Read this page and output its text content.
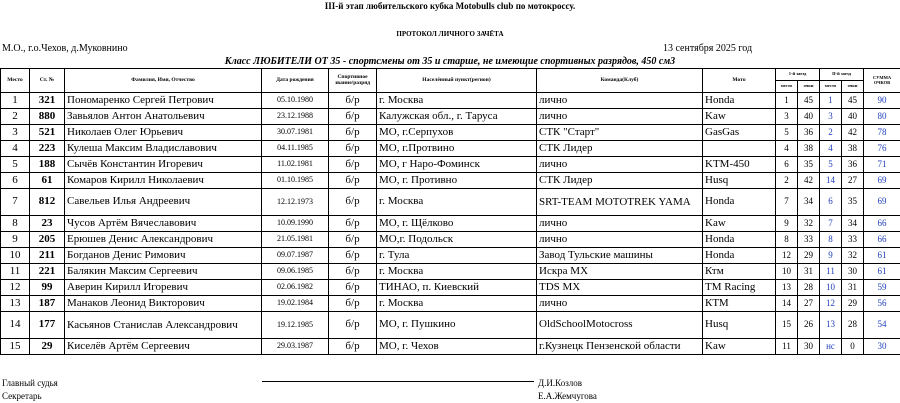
III-й этап любительского кубка Motobulls club по мотокроссу.
ПРОТОКОЛ ЛИЧНОГО ЗАЧЁТА
М.О., г.о.Чехов, д.Муковнино	13 сентября 2025 год
Класс ЛЮБИТЕЛИ ОТ 35 - спортсмены от 35 и старше, не имеющие спортивных разрядов, 450 см3
Место	Ст. №	Фамилия, Имя, Отчество	Дата рождения	Спортивное звание/разряд	Населённый пункт(регион)	Команда(Клуб)	Мото	1-й заезд		II-й заезд		СУММА ОЧКОВ
								место	очки	место	очки	
1	321	Пономаренко Сергей Петрович	05.10.1980	б/р	г. Москва	лично	Honda	1	45	1	45	90
2	880	Завьялов Антон Анатольевич	23.12.1988	б/р	Калужская обл., г. Таруса	лично	Kaw	3	40	3	40	80
3	521	Николаев Олег Юрьевич	30.07.1981	б/р	МО, г.Серпухов	СТК "Старт"	GasGas	5	36	2	42	78
4	223	Кулеша Максим Владиславович	04.11.1985	б/р	МО, г.Протвино	СТК Лидер		4	38	4	38	76
5	188	Сычёв Константин Игоревич	11.02.1981	б/р	МО, г Наро-Фоминск	лично	KTM-450	6	35	5	36	71
6	61	Комаров Кирилл Николаевич	01.10.1985	б/р	МО, г. Противно	СТК Лидер	Husq	2	42	14	27	69
7	812	Савельев Илья Андреевич	12.12.1973	б/р	г. Москва	SRT-TEAM MOTOTREK YAMA	Honda	7	34	6	35	69
8	23	Чусов Артём Вячеславович	10.09.1990	б/р	МО, г. Щёлково	лично	Kaw	9	32	7	34	66
9	205	Ерюшев Денис Александрович	21.05.1981	б/р	МО,г. Подольск	лично	Honda	8	33	8	33	66
10	211	Богданов Денис Римович	09.07.1987	б/р	г. Тула	Завод Тульские машины	Honda	12	29	9	32	61
11	221	Балякин Максим Сергеевич	09.06.1985	б/р	г. Москва	Искра МХ	Ктм	10	31	11	30	61
12	99	Аверин Кирилл Игоревич	02.06.1982	б/р	ТИНАО, п. Киевский	TDS MX	TM Racing	13	28	10	31	59
13	187	Манаков Леонид Викторович	19.02.1984	б/р	г. Москва	лично	КТМ	14	27	12	29	56
14	177	Касьянов Станислав Александрович	19.12.1985	б/р	МО, г. Пушкино	OldSchoolMotocross	Husq	15	26	13	28	54
15	29	Киселёв Артём Сергеевич	29.03.1987	б/р	МО, г. Чехов	г.Кузнецк Пензенской области	Kaw	11	30	нс	0	30
Главный судья	Д.И.Козлов
Секретарь	Е.А.Жемчугова
